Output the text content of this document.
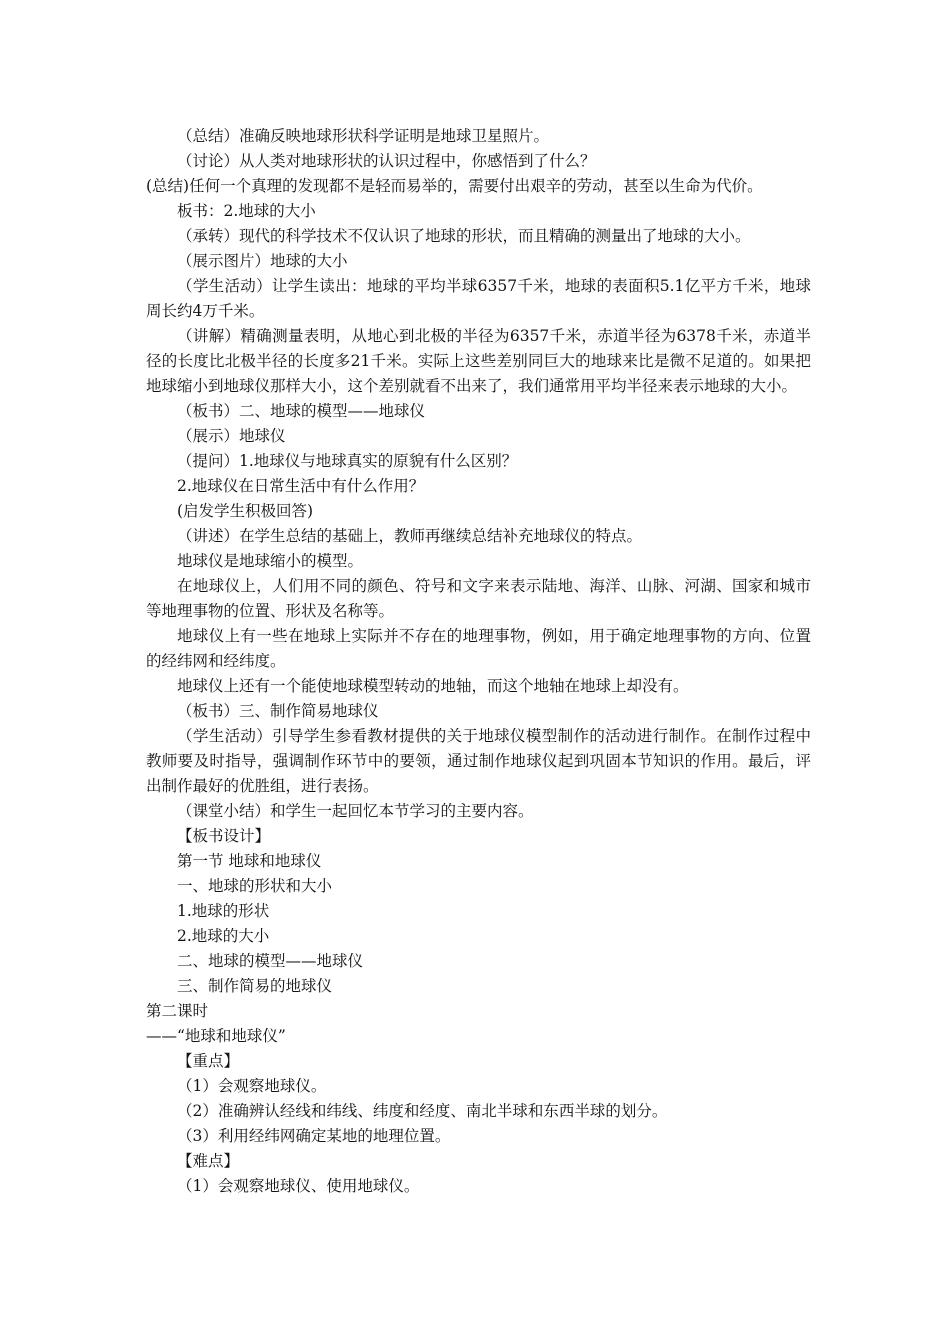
（总结）准确反映地球形状科学证明是地球卫星照片。

（讨论）从人类对地球形状的认识过程中，你感悟到了什么？

(总结)任何一个真理的发现都不是轻而易举的，需要付出艰辛的劳动，甚至以生命为代价。

板书：2.地球的大小

（承转）现代的科学技术不仅认识了地球的形状，而且精确的测量出了地球的大小。

（展示图片）地球的大小

（学生活动）让学生读出：地球的平均半球6357千米，地球的表面积5.1亿平方千米，地球周长约4万千米。

（讲解）精确测量表明，从地心到北极的半径为6357千米，赤道半径为6378千米，赤道半径的长度比北极半径的长度多21千米。实际上这些差别同巨大的地球来比是微不足道的。如果把地球缩小到地球仪那样大小，这个差别就看不出来了，我们通常用平均半径来表示地球的大小。

（板书）二、地球的模型——地球仪

（展示）地球仪

（提问）1.地球仪与地球真实的原貌有什么区别？

2.地球仪在日常生活中有什么作用？

(启发学生积极回答)

（讲述）在学生总结的基础上，教师再继续总结补充地球仪的特点。

地球仪是地球缩小的模型。

在地球仪上，人们用不同的颜色、符号和文字来表示陆地、海洋、山脉、河湖、国家和城市等地理事物的位置、形状及名称等。

地球仪上有一些在地球上实际并不存在的地理事物，例如，用于确定地理事物的方向、位置的经纬网和经纬度。

地球仪上还有一个能使地球模型转动的地轴，而这个地轴在地球上却没有。

（板书）三、制作简易地球仪

（学生活动）引导学生参看教材提供的关于地球仪模型制作的活动进行制作。在制作过程中教师要及时指导，强调制作环节中的要领，通过制作地球仪起到巩固本节知识的作用。最后，评出制作最好的优胜组，进行表扬。

（课堂小结）和学生一起回忆本节学习的主要内容。

【板书设计】

第一节 地球和地球仪

一、地球的形状和大小

1.地球的形状

2.地球的大小

二、地球的模型——地球仪

三、制作简易的地球仪

第二课时

——“地球和地球仪”

【重点】

（1）会观察地球仪。

（2）准确辨认经线和纬线、纬度和经度、南北半球和东西半球的划分。

（3）利用经纬网确定某地的地理位置。

【难点】

（1）会观察地球仪、使用地球仪。
